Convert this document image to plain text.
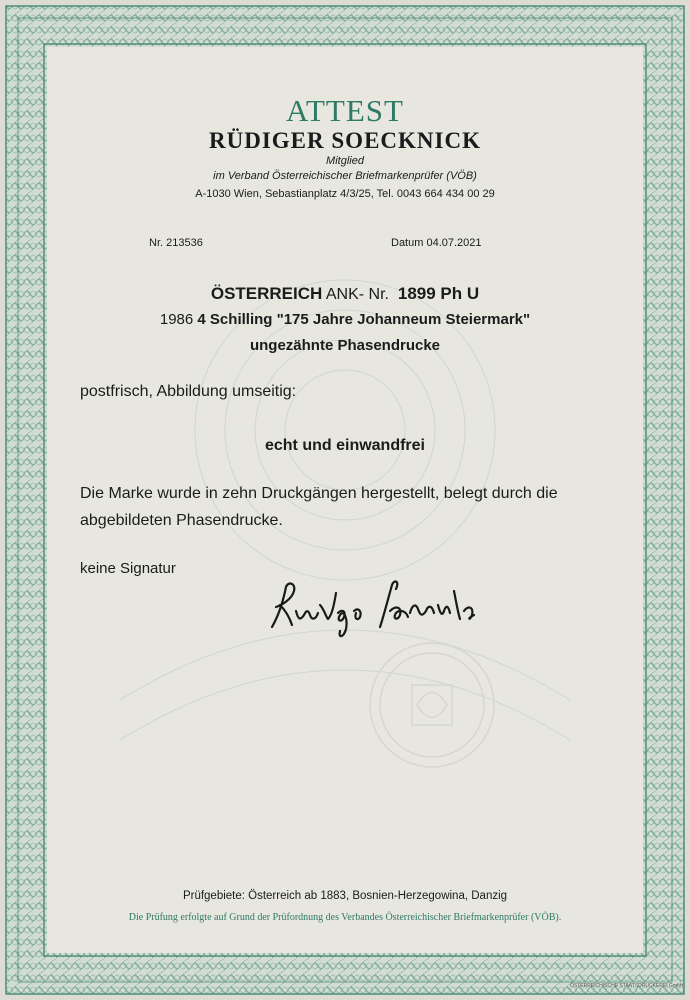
ATTEST
RÜDIGER SOECKNICK
Mitglied
im Verband Österreichischer Briefmarkenprüfer (VÖB)
A-1030 Wien, Sebastianplatz 4/3/25, Tel. 0043 664 434 00 29
Nr. 213536	Datum 04.07.2021
ÖSTERREICH ANK- Nr. 1899 Ph U
1986 4 Schilling "175 Jahre Johanneum Steiermark"
ungezähnte Phasendrucke
postfrisch, Abbildung umseitig:
echt und einwandfrei
Die Marke wurde in zehn Druckgängen hergestellt, belegt durch die
abgebildeten Phasendrucke.
keine Signatur
Prüfgebiete: Österreich ab 1883, Bosnien-Herzegowina, Danzig
Die Prüfung erfolgte auf Grund der Prüfordnung des Verbandes Österreichischer Briefmarkenprüfer (VÖB).
ÖSTERREICHISCHE STAATSDRUCKEREI GmbH
